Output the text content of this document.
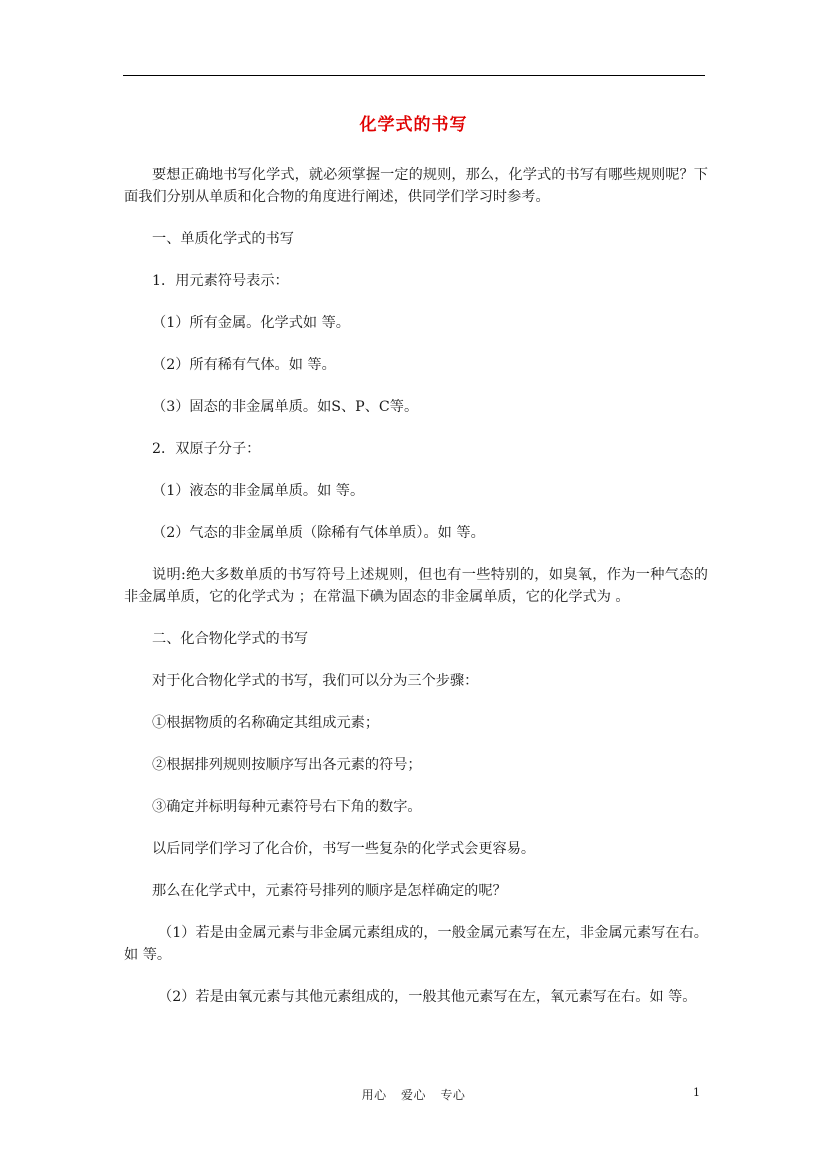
化学式的书写

要想正确地书写化学式，就必须掌握一定的规则，那么，化学式的书写有哪些规则呢？下面我们分别从单质和化合物的角度进行阐述，供同学们学习时参考。

一、单质化学式的书写

1．用元素符号表示：

（1）所有金属。化学式如 等。

（2）所有稀有气体。如 等。

（3）固态的非金属单质。如S、P、C等。

2．双原子分子：

（1）液态的非金属单质。如 等。

（2）气态的非金属单质（除稀有气体单质）。如 等。

说明:绝大多数单质的书写符号上述规则，但也有一些特别的，如臭氧，作为一种气态的非金属单质，它的化学式为 ；在常温下碘为固态的非金属单质，它的化学式为 。

二、化合物化学式的书写

对于化合物化学式的书写，我们可以分为三个步骤：

①根据物质的名称确定其组成元素；

②根据排列规则按顺序写出各元素的符号；

③确定并标明每种元素符号右下角的数字。

以后同学们学习了化合价，书写一些复杂的化学式会更容易。

那么在化学式中，元素符号排列的顺序是怎样确定的呢？

（1）若是由金属元素与非金属元素组成的，一般金属元素写在左，非金属元素写在右。如 等。

（2）若是由氧元素与其他元素组成的，一般其他元素写在左，氧元素写在右。如 等。

用心 爱心 专心	1
